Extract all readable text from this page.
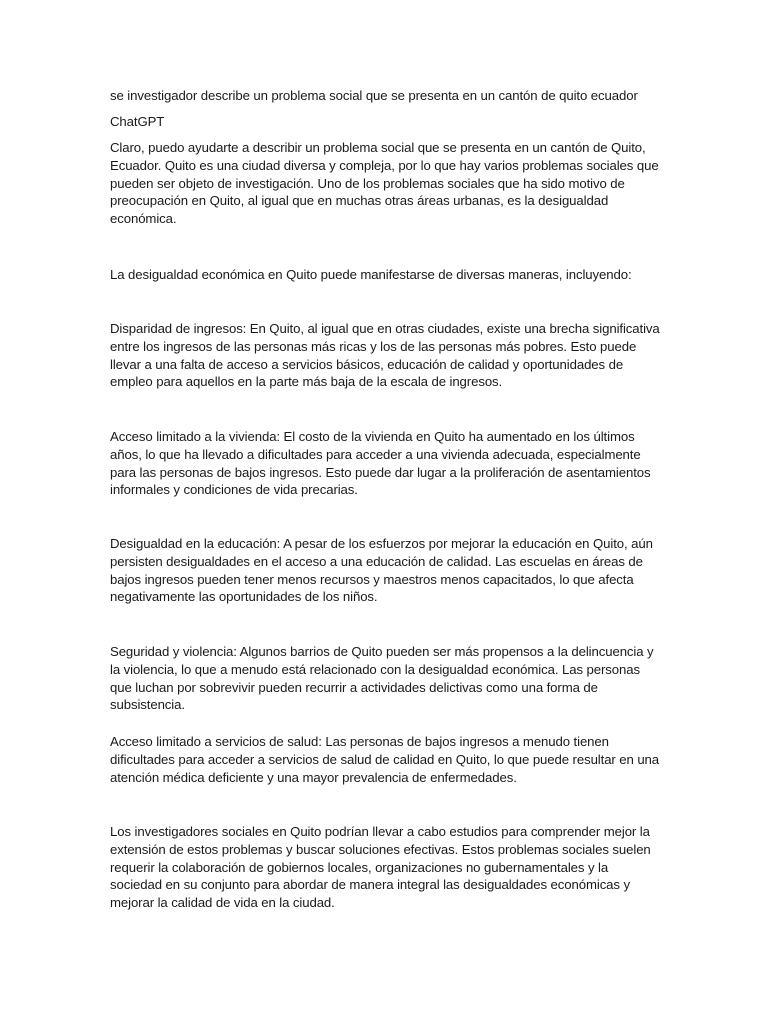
se investigador describe un problema social que se presenta en un cantón de quito ecuador

ChatGPT

Claro, puedo ayudarte a describir un problema social que se presenta en un cantón de Quito, Ecuador. Quito es una ciudad diversa y compleja, por lo que hay varios problemas sociales que pueden ser objeto de investigación. Uno de los problemas sociales que ha sido motivo de preocupación en Quito, al igual que en muchas otras áreas urbanas, es la desigualdad económica.

La desigualdad económica en Quito puede manifestarse de diversas maneras, incluyendo:

Disparidad de ingresos: En Quito, al igual que en otras ciudades, existe una brecha significativa entre los ingresos de las personas más ricas y los de las personas más pobres. Esto puede llevar a una falta de acceso a servicios básicos, educación de calidad y oportunidades de empleo para aquellos en la parte más baja de la escala de ingresos.

Acceso limitado a la vivienda: El costo de la vivienda en Quito ha aumentado en los últimos años, lo que ha llevado a dificultades para acceder a una vivienda adecuada, especialmente para las personas de bajos ingresos. Esto puede dar lugar a la proliferación de asentamientos informales y condiciones de vida precarias.

Desigualdad en la educación: A pesar de los esfuerzos por mejorar la educación en Quito, aún persisten desigualdades en el acceso a una educación de calidad. Las escuelas en áreas de bajos ingresos pueden tener menos recursos y maestros menos capacitados, lo que afecta negativamente las oportunidades de los niños.

Seguridad y violencia: Algunos barrios de Quito pueden ser más propensos a la delincuencia y la violencia, lo que a menudo está relacionado con la desigualdad económica. Las personas que luchan por sobrevivir pueden recurrir a actividades delictivas como una forma de subsistencia.

Acceso limitado a servicios de salud: Las personas de bajos ingresos a menudo tienen dificultades para acceder a servicios de salud de calidad en Quito, lo que puede resultar en una atención médica deficiente y una mayor prevalencia de enfermedades.

Los investigadores sociales en Quito podrían llevar a cabo estudios para comprender mejor la extensión de estos problemas y buscar soluciones efectivas. Estos problemas sociales suelen requerir la colaboración de gobiernos locales, organizaciones no gubernamentales y la sociedad en su conjunto para abordar de manera integral las desigualdades económicas y mejorar la calidad de vida en la ciudad.
